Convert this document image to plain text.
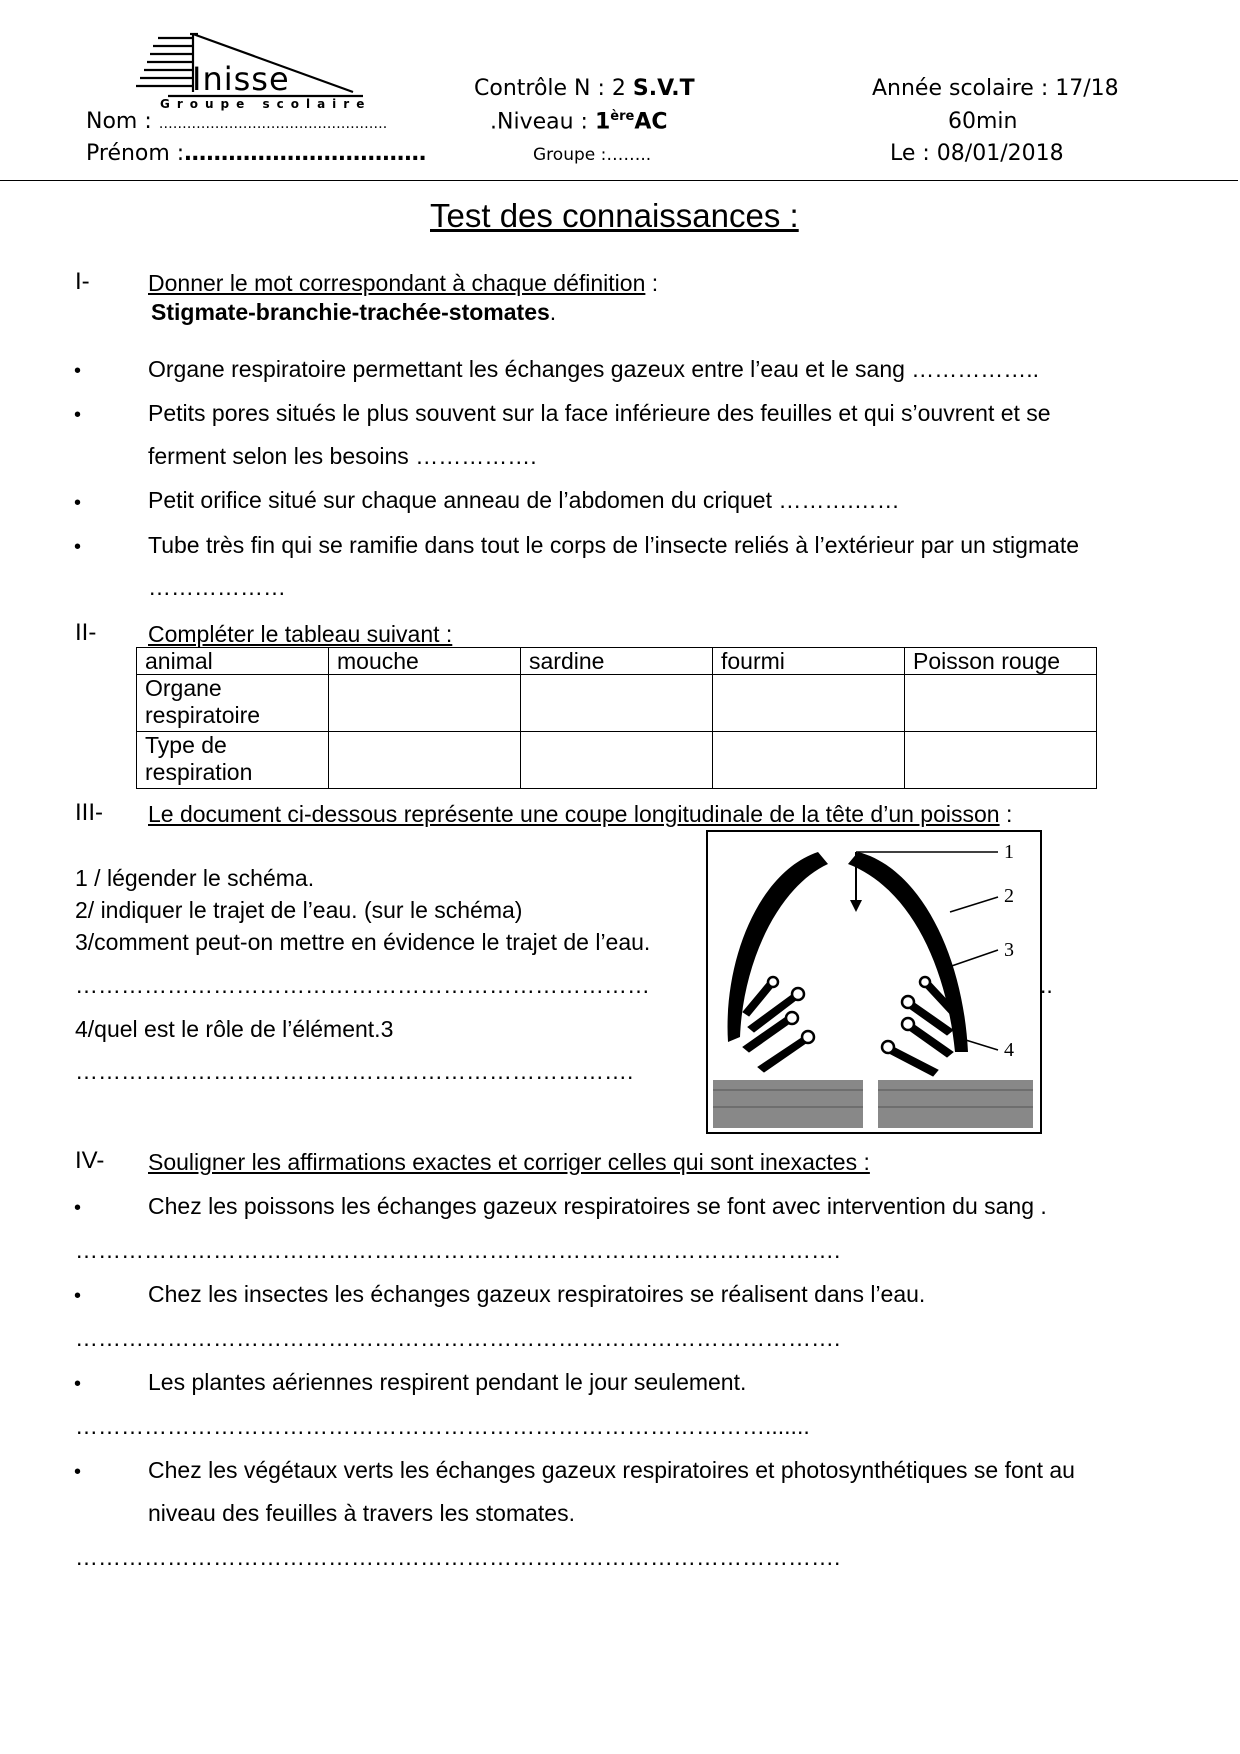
Inisse
Groupe scolaire
Nom : ………………………………………….
Prénom :……………………………
Contrôle N : 2 S.V.T
.Niveau : 1èreAC
Groupe :……..
Année scolaire : 17/18
60min
Le : 08/01/2018
Test des connaissances :
I-	Donner le mot correspondant à chaque définition :
Stigmate-branchie-trachée-stomates.
•	Organe respiratoire permettant les échanges gazeux entre l’eau et le sang ……………..
•	Petits pores situés le plus souvent sur la face inférieure des feuilles et qui s’ouvrent et se
ferment selon les besoins …………….
•	Petit orifice situé sur chaque anneau de l’abdomen du criquet ……….……
•	Tube très fin qui se ramifie dans tout le corps de l’insecte reliés à l’extérieur par un stigmate
………………
II- Compléter le tableau suivant :
animal	mouche	sardine	fourmi	Poisson rouge
Organe respiratoire				
Type de respiration				
III- Le document ci-dessous représente une coupe longitudinale de la tête d’un poisson :
1 / légender le schéma.
2/ indiquer le trajet de l’eau. (sur le schéma)
3/comment peut-on mettre en évidence le trajet de l’eau.
…………………………………………………………………	..
4/quel est le rôle de l’élément.3
……………………………………………………………….
1
2
3
4
IV- Souligner les affirmations exactes et corriger celles qui sont inexactes :
•	Chez les poissons les échanges gazeux respiratoires se font avec intervention du sang .
……………………………………………………………………………………….
•	Chez les insectes les échanges gazeux respiratoires se réalisent dans l’eau.
……………………………………………………………………………………….
•	Les plantes aériennes respirent pendant le jour seulement.
……………………………………………………………………………….......
•	Chez les végétaux verts les échanges gazeux respiratoires et photosynthétiques se font au
niveau des feuilles à travers les stomates.
……………………………………………………………………………………….
